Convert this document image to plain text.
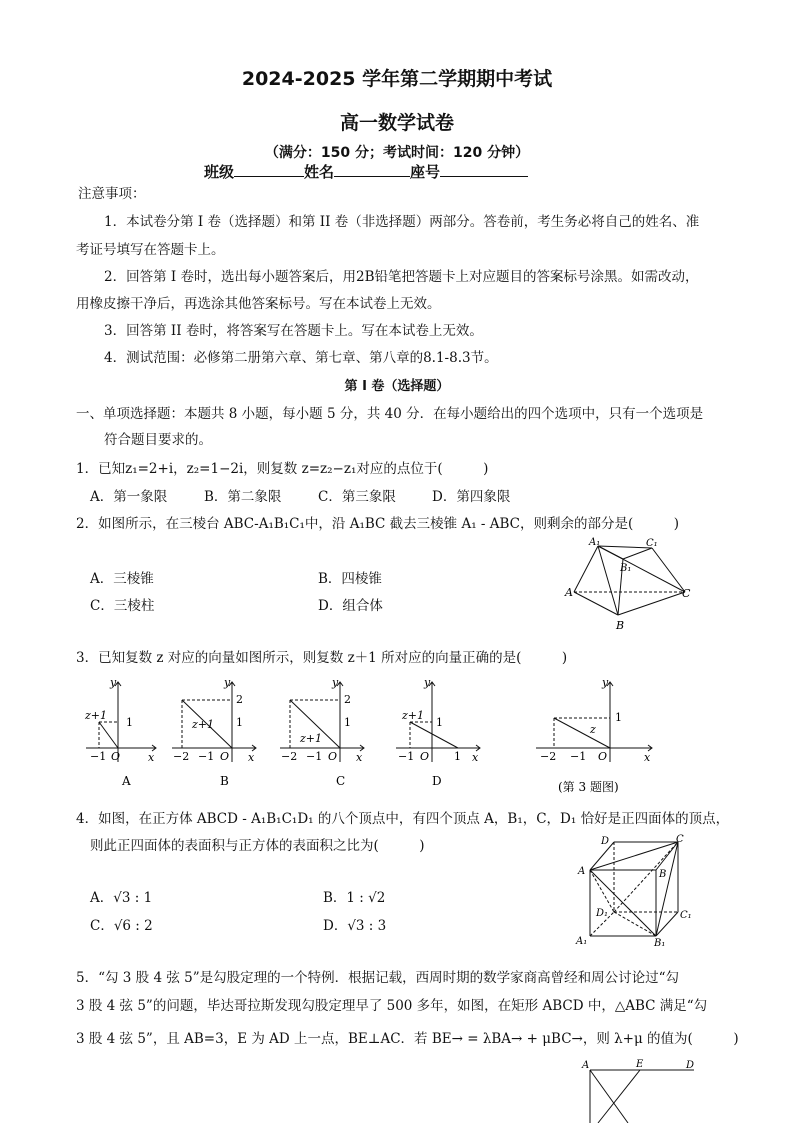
2024-2025 学年第二学期期中考试
高一数学试卷
（满分：150 分；考试时间：120 分钟）
班级	姓名	座号
注意事项：
1．本试卷分第 I 卷（选择题）和第 II 卷（非选择题）两部分。答卷前，考生务必将自己的姓名、准
考证号填写在答题卡上。
2．回答第 I 卷时，选出每小题答案后，用2B铅笔把答题卡上对应题目的答案标号涂黑。如需改动，
用橡皮擦干净后，再选涂其他答案标号。写在本试卷上无效。
3．回答第 II 卷时，将答案写在答题卡上。写在本试卷上无效。
4．测试范围：必修第二册第六章、第七章、第八章的8.1-8.3节。
第 I 卷（选择题）
一、单项选择题：本题共 8 小题，每小题 5 分，共 40 分．在每小题给出的四个选项中，只有一个选项是
符合题目要求的。
1．已知z₁=2+i，z₂=1−2i，则复数 z=z₂−z₁对应的点位于(　　　)
A．第一象限	B．第二象限	C．第三象限	D．第四象限
2．如图所示，在三棱台 ABC-A₁B₁C₁中，沿 A₁BC 截去三棱锥 A₁ - ABC，则剩余的部分是(　　　)
A．三棱锥	B．四棱锥
C．三棱柱	D．组合体
A₁	C₁
B₁
A	C
B
3．已知复数 z 对应的向量如图所示，则复数 z＋1 所对应的向量正确的是(　　　)
−1 O	x
y
z+1
1
A
−2 −1 O x
y
2
1
z+1
B
−2 −1 O x
y
2
1
z+1
C
−1 O 1 x
y
z+1
1
D
−2 −1 O	x
y
z
1
(第 3 题图)
4．如图，在正方体 ABCD - A₁B₁C₁D₁ 的八个顶点中，有四个顶点 A，B₁，C，D₁ 恰好是正四面体的顶点，
则此正四面体的表面积与正方体的表面积之比为(　　　)
A．√3 : 1	B．1 : √2
C．√6 : 2	D．√3 : 3
D	C
A	B
D₁	C₁
A₁	B₁
5．“勾 3 股 4 弦 5”是勾股定理的一个特例．根据记载，西周时期的数学家商高曾经和周公讨论过“勾
3 股 4 弦 5”的问题，毕达哥拉斯发现勾股定理早了 500 多年，如图，在矩形 ABCD 中，△ABC 满足“勾
3 股 4 弦 5”，且 AB=3，E 为 AD 上一点，BE⊥AC．若 BE→ = λBA→ + μBC→，则 λ+μ 的值为(　　　)
A	E	D
